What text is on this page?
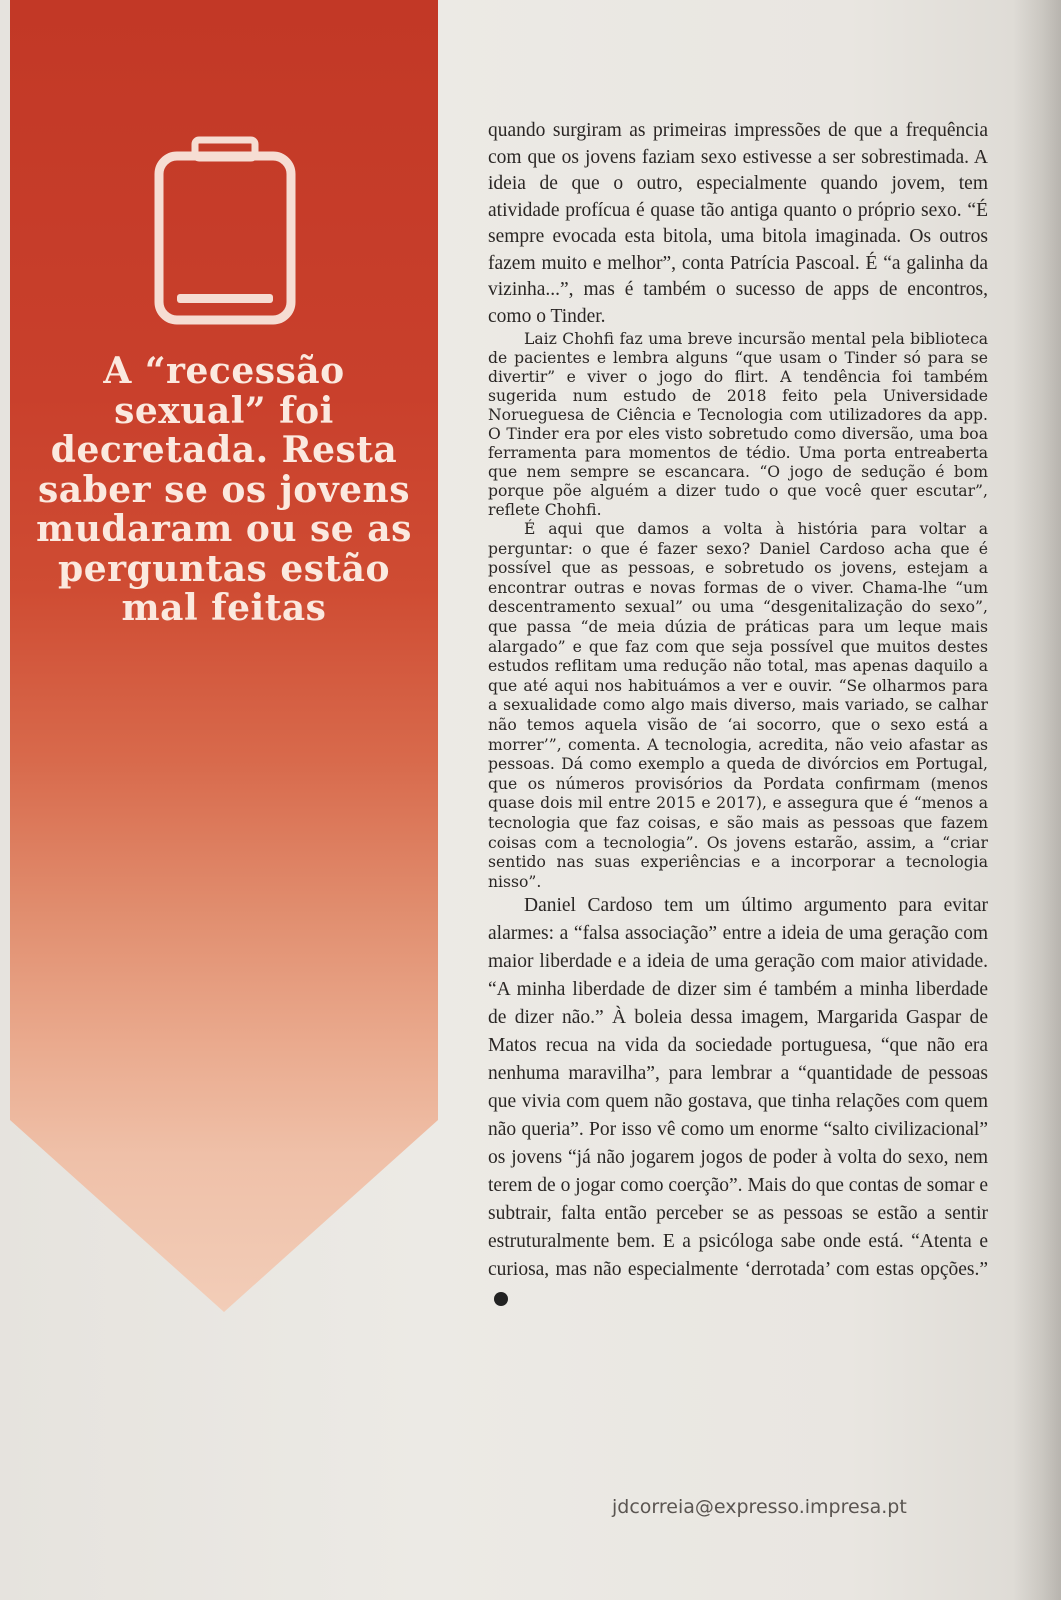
A “recessão sexual” foi decretada. Resta saber se os jovens mudaram ou se as perguntas estão mal feitas

quando surgiram as primeiras impressões de que a frequência com que os jovens faziam sexo estivesse a ser sobrestimada. A ideia de que o outro, especialmente quando jovem, tem atividade profícua é quase tão antiga quanto o próprio sexo. “É sempre evocada esta bitola, uma bitola imaginada. Os outros fazem muito e melhor”, conta Patrícia Pascoal. É “a galinha da vizinha...”, mas é também o sucesso de apps de encontros, como o Tinder.

Laiz Chohfi faz uma breve incursão mental pela biblioteca de pacientes e lembra alguns “que usam o Tinder só para se divertir” e viver o jogo do flirt. A tendência foi também sugerida num estudo de 2018 feito pela Universidade Norueguesa de Ciência e Tecnologia com utilizadores da app. O Tinder era por eles visto sobretudo como diversão, uma boa ferramenta para momentos de tédio. Uma porta entreaberta que nem sempre se escancara. “O jogo de sedução é bom porque põe alguém a dizer tudo o que você quer escutar”, reflete Chohfi.

É aqui que damos a volta à história para voltar a perguntar: o que é fazer sexo? Daniel Cardoso acha que é possível que as pessoas, e sobretudo os jovens, estejam a encontrar outras e novas formas de o viver. Chama-lhe “um descentramento sexual” ou uma “desgenitalização do sexo”, que passa “de meia dúzia de práticas para um leque mais alargado” e que faz com que seja possível que muitos destes estudos reflitam uma redução não total, mas apenas daquilo a que até aqui nos habituámos a ver e ouvir. “Se olharmos para a sexualidade como algo mais diverso, mais variado, se calhar não temos aquela visão de ‘ai socorro, que o sexo está a morrer’”, comenta. A tecnologia, acredita, não veio afastar as pessoas. Dá como exemplo a queda de divórcios em Portugal, que os números provisórios da Pordata confirmam (menos quase dois mil entre 2015 e 2017), e assegura que é “menos a tecnologia que faz coisas, e são mais as pessoas que fazem coisas com a tecnologia”. Os jovens estarão, assim, a “criar sentido nas suas experiências e a incorporar a tecnologia nisso”.

Daniel Cardoso tem um último argumento para evitar alarmes: a “falsa associação” entre a ideia de uma geração com maior liberdade e a ideia de uma geração com maior atividade. “A minha liberdade de dizer sim é também a minha liberdade de dizer não.” À boleia dessa imagem, Margarida Gaspar de Matos recua na vida da sociedade portuguesa, “que não era nenhuma maravilha”, para lembrar a “quantidade de pessoas que vivia com quem não gostava, que tinha relações com quem não queria”. Por isso vê como um enorme “salto civilizacional” os jovens “já não jogarem jogos de poder à volta do sexo, nem terem de o jogar como coerção”. Mais do que contas de somar e subtrair, falta então perceber se as pessoas se estão a sentir estruturalmente bem. E a psicóloga sabe onde está. “Atenta e curiosa, mas não especialmente ‘derrotada’ com estas opções.”

jdcorreia@expresso.impresa.pt
